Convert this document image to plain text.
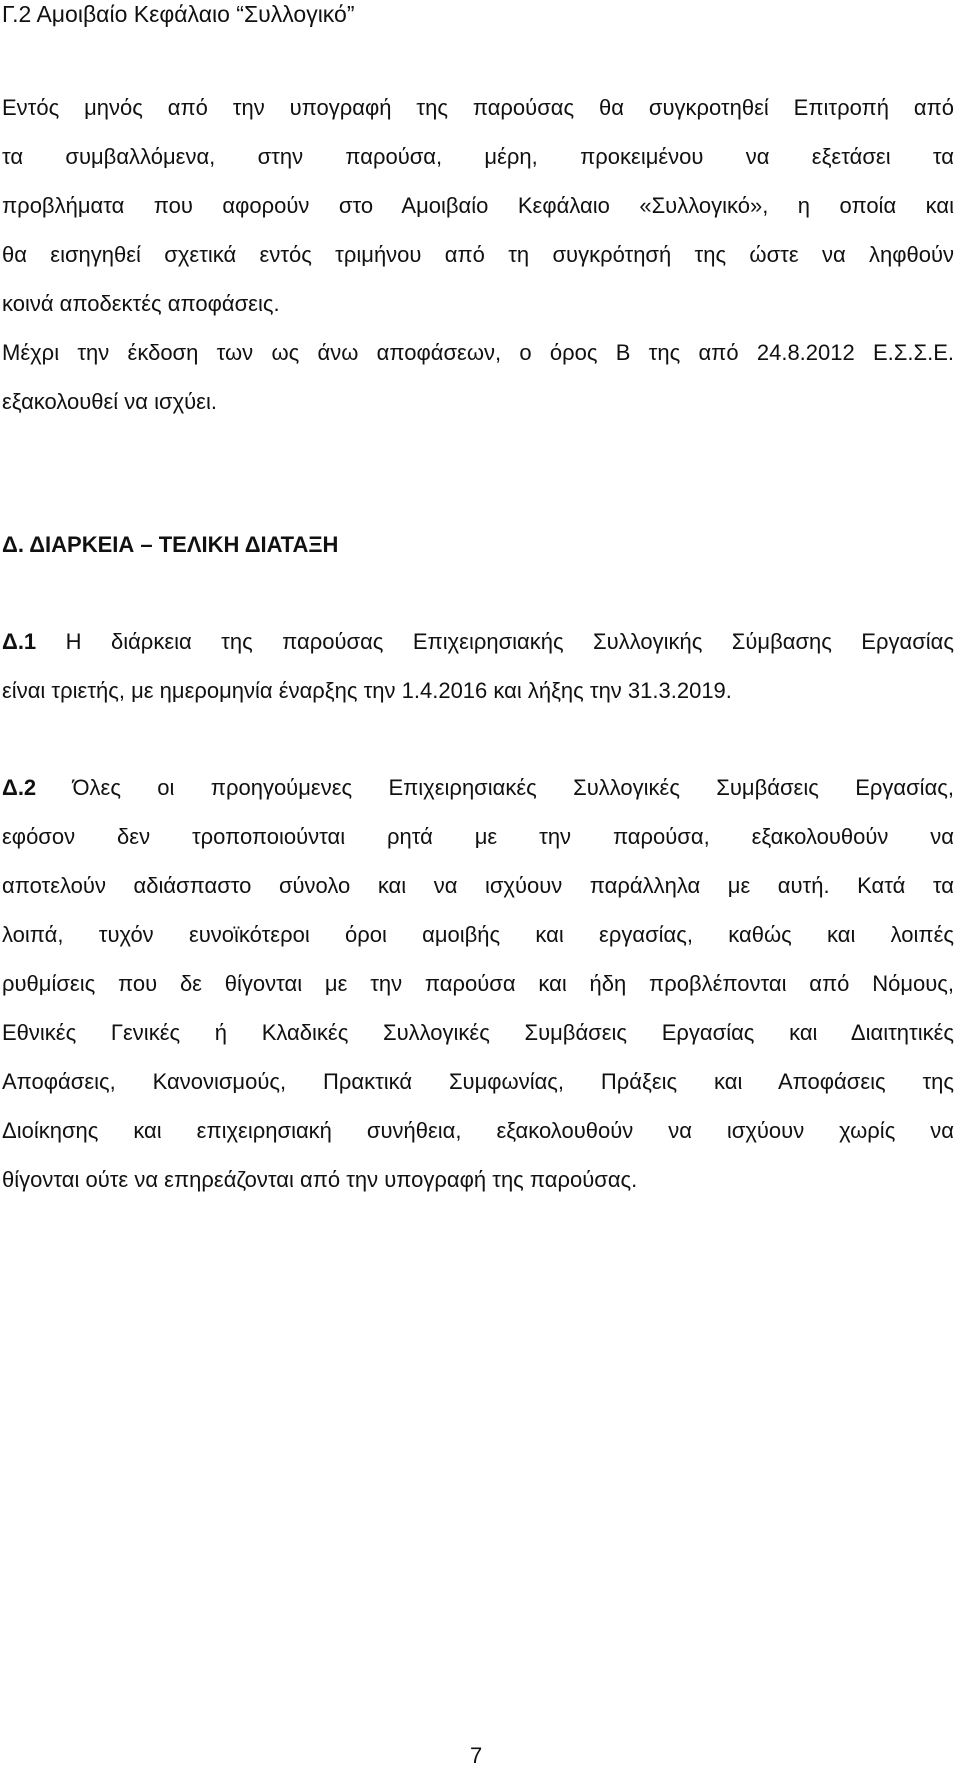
Γ.2 Αμοιβαίο Κεφάλαιο “Συλλογικό”
Εντός μηνός από την υπογραφή της παρούσας θα συγκροτηθεί Επιτροπή από
τα συμβαλλόμενα, στην παρούσα, μέρη, προκειμένου να εξετάσει τα
προβλήματα που αφορούν στο Αμοιβαίο Κεφάλαιο «Συλλογικό», η οποία και
θα εισηγηθεί σχετικά εντός τριμήνου από τη συγκρότησή της ώστε να ληφθούν
κοινά αποδεκτές αποφάσεις.
Μέχρι την έκδοση των ως άνω αποφάσεων, ο όρος Β της από 24.8.2012 Ε.Σ.Σ.Ε.
εξακολουθεί να ισχύει.
Δ. ΔΙΑΡΚΕΙΑ – ΤΕΛΙΚΗ ΔΙΑΤΑΞΗ
Δ.1 Η διάρκεια της παρούσας Επιχειρησιακής Συλλογικής Σύμβασης Εργασίας
είναι τριετής, με ημερομηνία έναρξης την 1.4.2016 και λήξης την 31.3.2019.
Δ.2 Όλες οι προηγούμενες Επιχειρησιακές Συλλογικές Συμβάσεις Εργασίας,
εφόσον δεν τροποποιούνται ρητά με την παρούσα, εξακολουθούν να
αποτελούν αδιάσπαστο σύνολο και να ισχύουν παράλληλα με αυτή. Κατά τα
λοιπά, τυχόν ευνοϊκότεροι όροι αμοιβής και εργασίας, καθώς και λοιπές
ρυθμίσεις που δε θίγονται με την παρούσα και ήδη προβλέπονται από Νόμους,
Εθνικές Γενικές ή Κλαδικές Συλλογικές Συμβάσεις Εργασίας και Διαιτητικές
Αποφάσεις, Κανονισμούς, Πρακτικά Συμφωνίας, Πράξεις και Αποφάσεις της
Διοίκησης και επιχειρησιακή συνήθεια, εξακολουθούν να ισχύουν χωρίς να
θίγονται ούτε να επηρεάζονται από την υπογραφή της παρούσας.
7
